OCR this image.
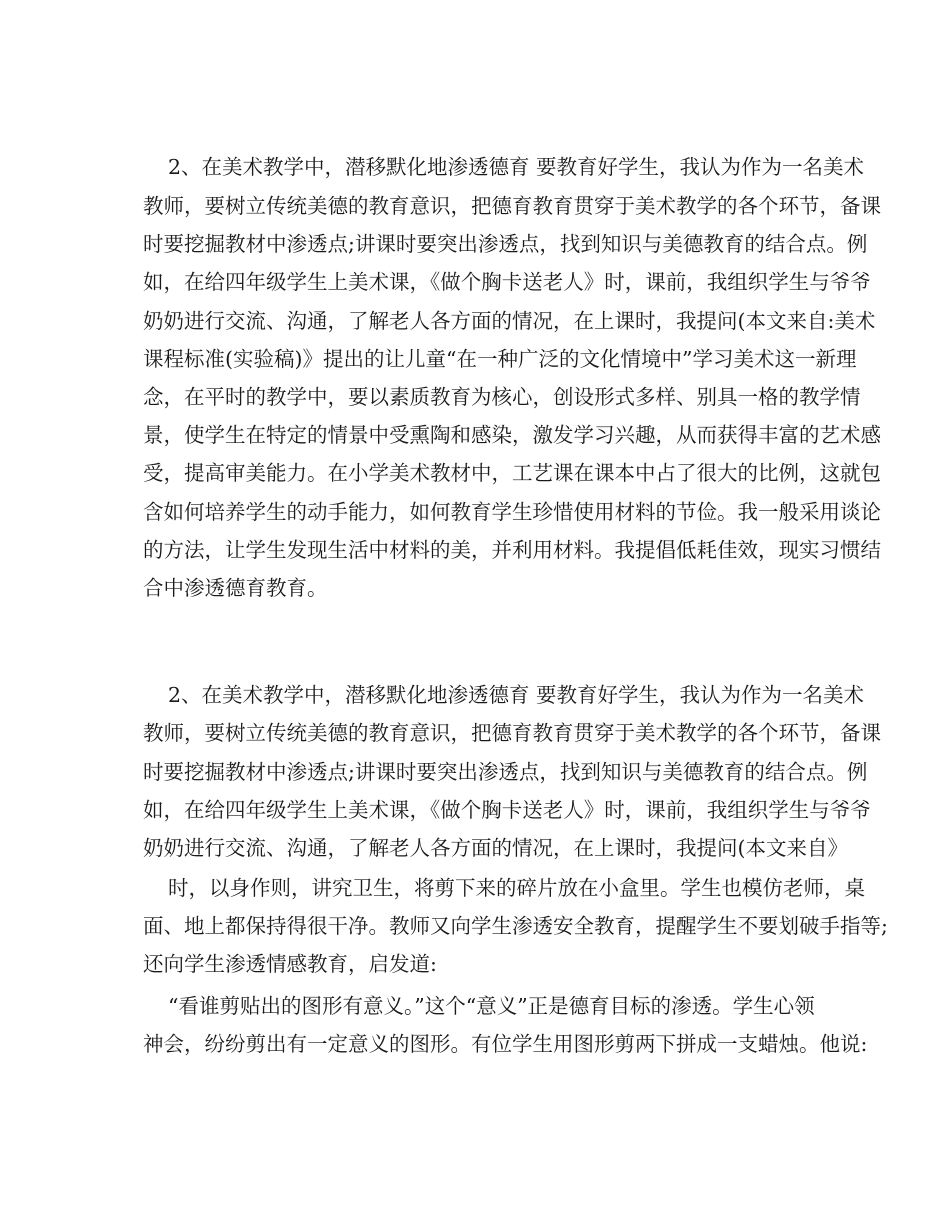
2、在美术教学中，潜移默化地渗透德育 要教育好学生，我认为作为一名美术
教师，要树立传统美德的教育意识，把德育教育贯穿于美术教学的各个环节，备课
时要挖掘教材中渗透点;讲课时要突出渗透点，找到知识与美德教育的结合点。例
如，在给四年级学生上美术课，《做个胸卡送老人》时，课前，我组织学生与爷爷
奶奶进行交流、沟通，了解老人各方面的情况，在上课时，我提问(本文来自:美术
课程标准(实验稿)》提出的让儿童“在一种广泛的文化情境中”学习美术这一新理
念，在平时的教学中，要以素质教育为核心，创设形式多样、别具一格的教学情
景，使学生在特定的情景中受熏陶和感染，激发学习兴趣，从而获得丰富的艺术感
受，提高审美能力。在小学美术教材中，工艺课在课本中占了很大的比例，这就包
含如何培养学生的动手能力，如何教育学生珍惜使用材料的节俭。我一般采用谈论
的方法，让学生发现生活中材料的美，并利用材料。我提倡低耗佳效，现实习惯结
合中渗透德育教育。
2、在美术教学中，潜移默化地渗透德育 要教育好学生，我认为作为一名美术
教师，要树立传统美德的教育意识，把德育教育贯穿于美术教学的各个环节，备课
时要挖掘教材中渗透点;讲课时要突出渗透点，找到知识与美德教育的结合点。例
如，在给四年级学生上美术课，《做个胸卡送老人》时，课前，我组织学生与爷爷
奶奶进行交流、沟通，了解老人各方面的情况，在上课时，我提问(本文来自》
时，以身作则，讲究卫生，将剪下来的碎片放在小盒里。学生也模仿老师，桌
面、地上都保持得很干净。教师又向学生渗透安全教育，提醒学生不要划破手指等;
还向学生渗透情感教育，启发道:
“看谁剪贴出的图形有意义。”这个“意义”正是德育目标的渗透。学生心领
神会，纷纷剪出有一定意义的图形。有位学生用图形剪两下拼成一支蜡烛。他说:
